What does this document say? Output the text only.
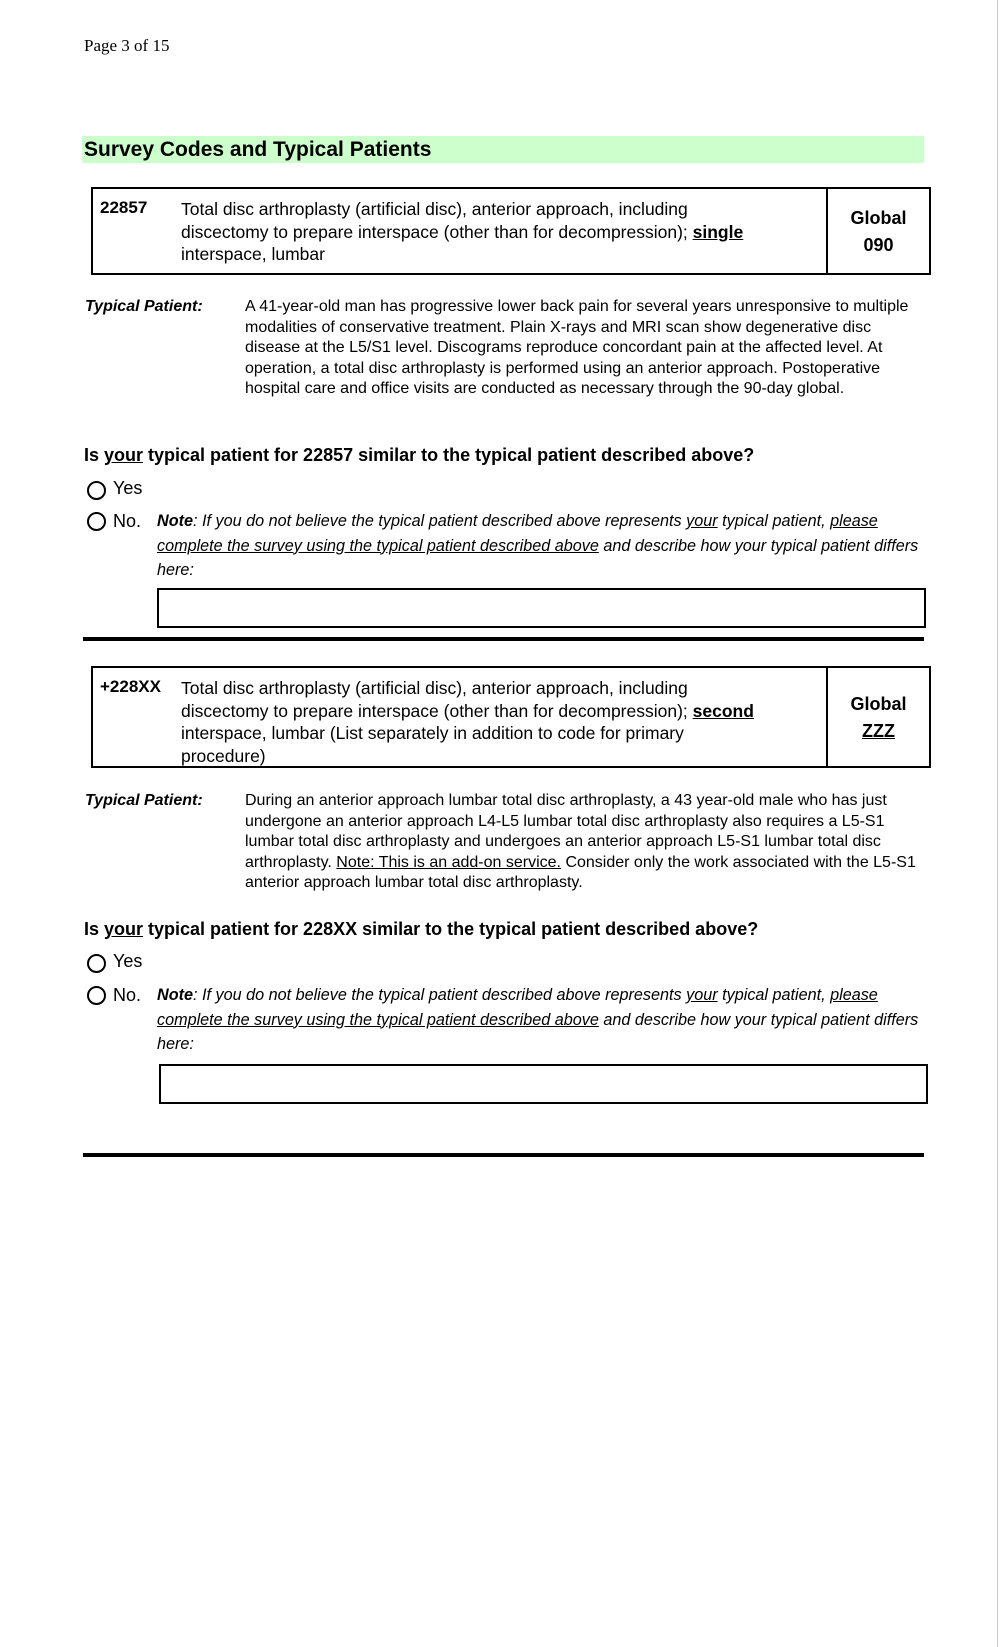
Page 3 of 15
Survey Codes and Typical Patients
22857 Total disc arthroplasty (artificial disc), anterior approach, including discectomy to prepare interspace (other than for decompression); single interspace, lumbar
Global
090
Typical Patient:	A 41-year-old man has progressive lower back pain for several years unresponsive to multiple modalities of conservative treatment. Plain X-rays and MRI scan show degenerative disc disease at the L5/S1 level. Discograms reproduce concordant pain at the affected level. At operation, a total disc arthroplasty is performed using an anterior approach. Postoperative hospital care and office visits are conducted as necessary through the 90-day global.
Is your typical patient for 22857 similar to the typical patient described above?
Yes
No. Note: If you do not believe the typical patient described above represents your typical patient, please complete the survey using the typical patient described above and describe how your typical patient differs here:
+228XX Total disc arthroplasty (artificial disc), anterior approach, including discectomy to prepare interspace (other than for decompression); second interspace, lumbar (List separately in addition to code for primary procedure)
Global
ZZZ
Typical Patient:	During an anterior approach lumbar total disc arthroplasty, a 43 year-old male who has just undergone an anterior approach L4-L5 lumbar total disc arthroplasty also requires a L5-S1 lumbar total disc arthroplasty and undergoes an anterior approach L5-S1 lumbar total disc arthroplasty. Note: This is an add-on service. Consider only the work associated with the L5-S1 anterior approach lumbar total disc arthroplasty.
Is your typical patient for 228XX similar to the typical patient described above?
Yes
No. Note: If you do not believe the typical patient described above represents your typical patient, please complete the survey using the typical patient described above and describe how your typical patient differs here:
